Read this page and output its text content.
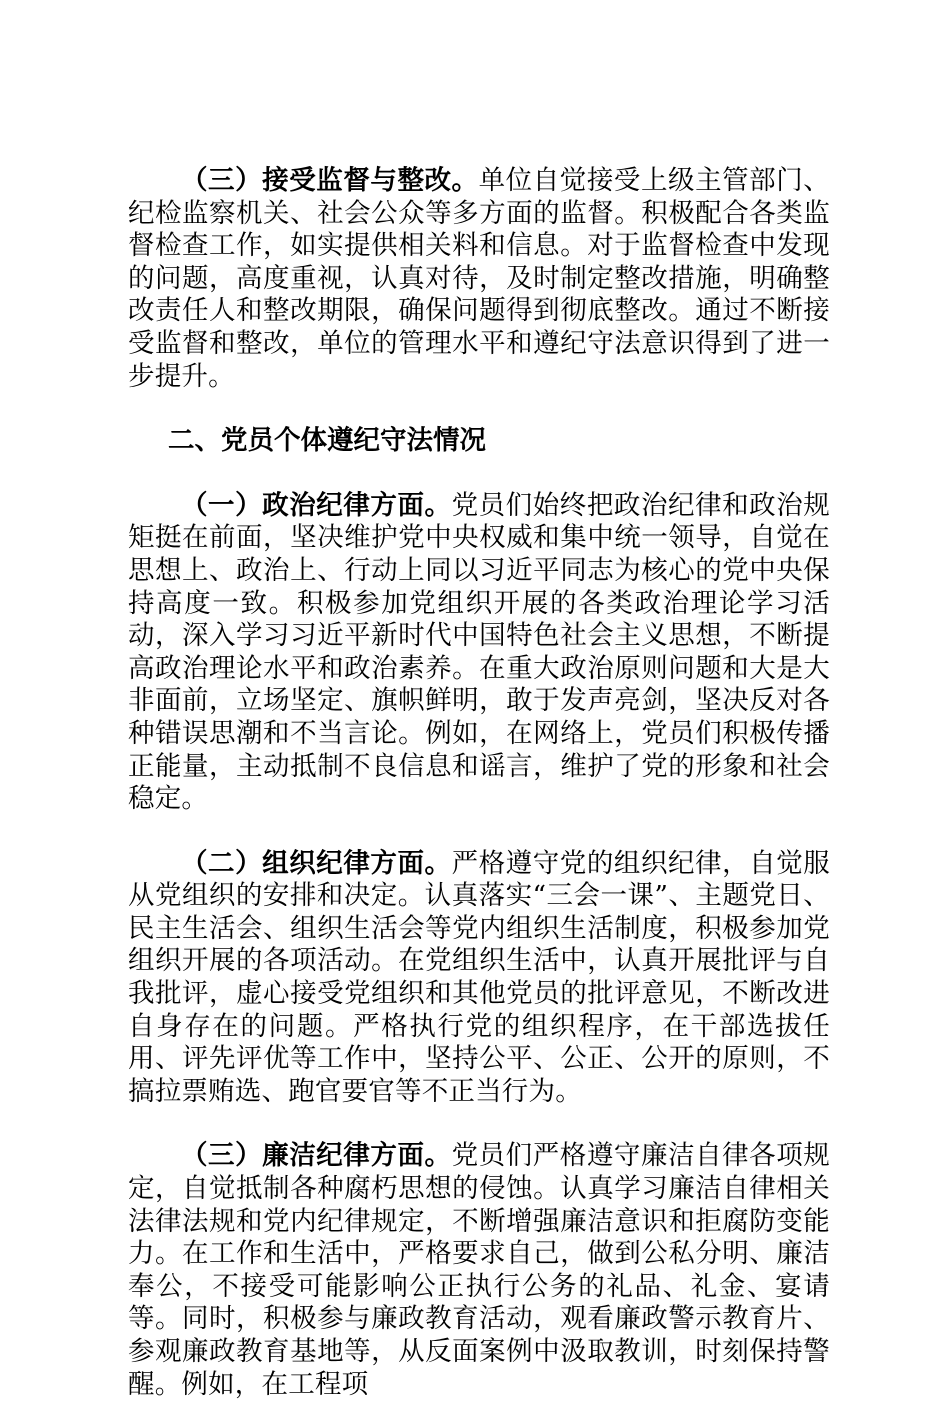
（三）接受监督与整改。单位自觉接受上级主管部门、纪检监察机关、社会公众等多方面的监督。积极配合各类监督检查工作，如实提供相关料和信息。对于监督检查中发现的问题，高度重视，认真对待，及时制定整改措施，明确整改责任人和整改期限，确保问题得到彻底整改。通过不断接受监督和整改，单位的管理水平和遵纪守法意识得到了进一步提升。

二、党员个体遵纪守法情况

（一）政治纪律方面。党员们始终把政治纪律和政治规矩挺在前面，坚决维护党中央权威和集中统一领导，自觉在思想上、政治上、行动上同以习近平同志为核心的党中央保持高度一致。积极参加党组织开展的各类政治理论学习活动，深入学习习近平新时代中国特色社会主义思想，不断提高政治理论水平和政治素养。在重大政治原则问题和大是大非面前，立场坚定、旗帜鲜明，敢于发声亮剑，坚决反对各种错误思潮和不当言论。例如，在网络上，党员们积极传播正能量，主动抵制不良信息和谣言，维护了党的形象和社会稳定。

（二）组织纪律方面。严格遵守党的组织纪律，自觉服从党组织的安排和决定。认真落实“三会一课”、主题党日、民主生活会、组织生活会等党内组织生活制度，积极参加党组织开展的各项活动。在党组织生活中，认真开展批评与自我批评，虚心接受党组织和其他党员的批评意见，不断改进自身存在的问题。严格执行党的组织程序，在干部选拔任用、评先评优等工作中，坚持公平、公正、公开的原则，不搞拉票贿选、跑官要官等不正当行为。

（三）廉洁纪律方面。党员们严格遵守廉洁自律各项规定，自觉抵制各种腐朽思想的侵蚀。认真学习廉洁自律相关法律法规和党内纪律规定，不断增强廉洁意识和拒腐防变能力。在工作和生活中，严格要求自己，做到公私分明、廉洁奉公，不接受可能影响公正执行公务的礼品、礼金、宴请等。同时，积极参与廉政教育活动，观看廉政警示教育片、参观廉政教育基地等，从反面案例中汲取教训，时刻保持警醒。例如，在工程项
